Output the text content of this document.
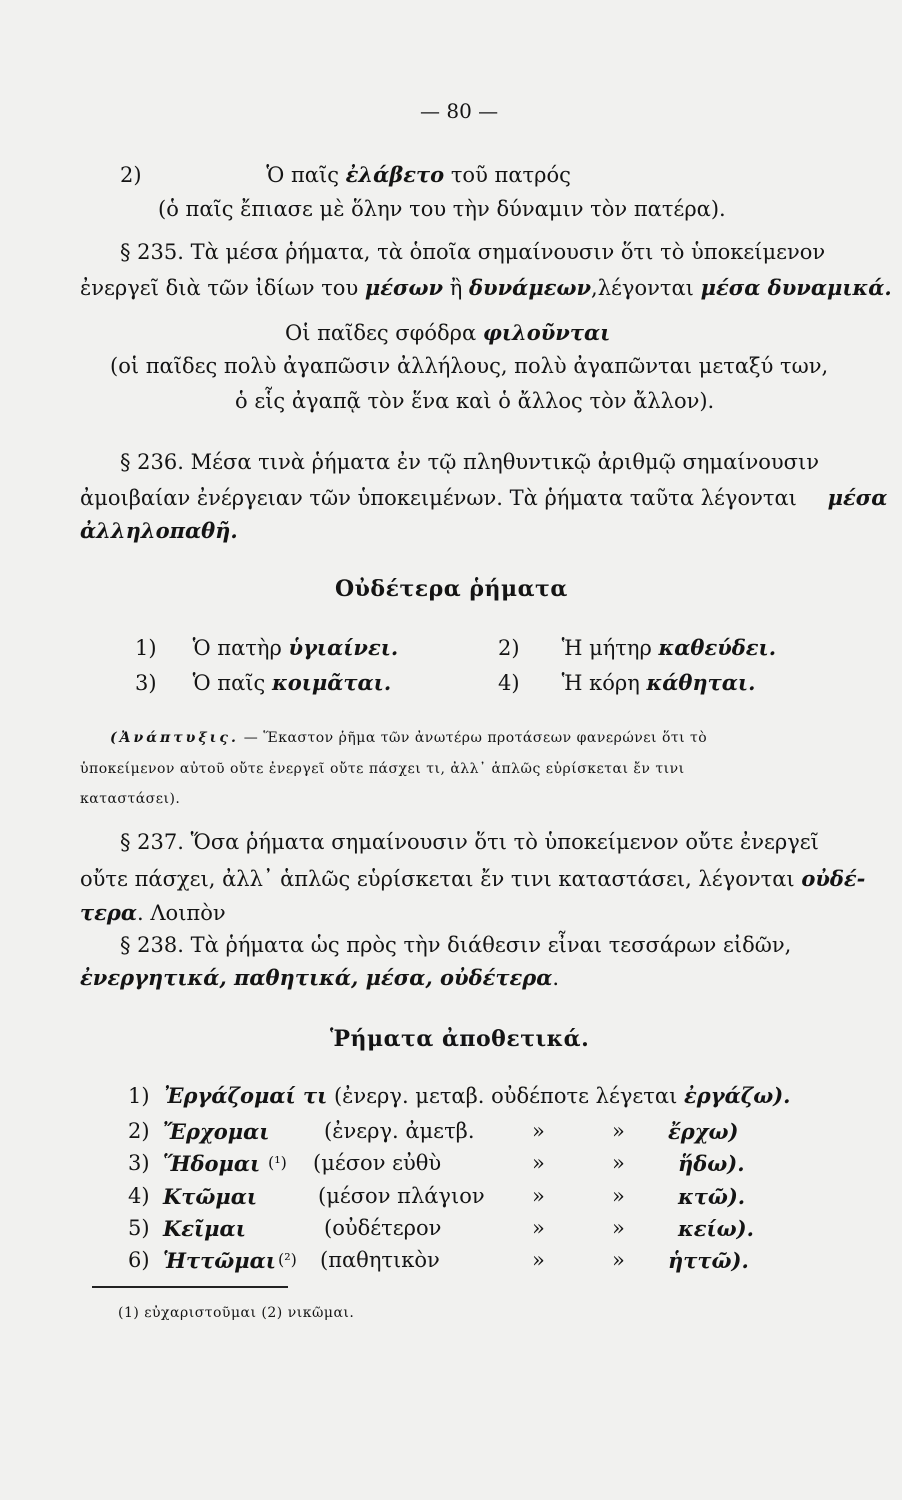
— 80 —
2)	Ὁ παῖς ἐλάβετο τοῦ πατρός
(ὁ παῖς ἔπιασε μὲ ὅλην του τὴν δύναμιν τὸν πατέρα).
§ 235. Τὰ μέσα ῥήματα, τὰ ὁποῖα σημαίνουσιν ὅτι τὸ ὑποκείμενον
ἐνεργεῖ διὰ τῶν ἰδίων του μέσων ἢ δυνάμεων,λέγονται μέσα δυναμικά.
Οἱ παῖδες σφόδρα φιλοῦνται
(οἱ παῖδες πολὺ ἀγαπῶσιν ἀλλήλους, πολὺ ἀγαπῶνται μεταξύ των,
ὁ εἷς ἀγαπᾷ τὸν ἕνα καὶ ὁ ἄλλος τὸν ἄλλον).
§ 236. Μέσα τινὰ ῥήματα ἐν τῷ πληθυντικῷ ἀριθμῷ σημαίνουσιν
ἀμοιβαίαν ἐνέργειαν τῶν ὑποκειμένων. Τὰ ῥήματα ταῦτα λέγονται μέσα
ἀλληλοπαθῆ.
Οὐδέτερα ῥήματα
1) Ὁ πατὴρ ὑγιαίνει.	2) Ἡ μήτηρ καθεύδει.
3) Ὁ παῖς κοιμᾶται.	4) Ἡ κόρη κάθηται.
(Ἀνάπτυξις. — Ἕκαστον ῥῆμα τῶν ἀνωτέρω προτάσεων φανερώνει ὅτι τὸ
ὑποκείμενον αὐτοῦ οὔτε ἐνεργεῖ οὔτε πάσχει τι, ἀλλ᾽ ἁπλῶς εὑρίσκεται ἔν τινι
καταστάσει).
§ 237. Ὅσα ῥήματα σημαίνουσιν ὅτι τὸ ὑποκείμενον οὔτε ἐνεργεῖ
οὔτε πάσχει, ἀλλ᾽ ἁπλῶς εὑρίσκεται ἔν τινι καταστάσει, λέγονται οὐδέ-
τερα. Λοιπὸν
§ 238. Τὰ ῥήματα ὡς πρὸς τὴν διάθεσιν εἶναι τεσσάρων εἰδῶν,
ἐνεργητικά, παθητικά, μέσα, οὐδέτερα.
Ῥήματα ἀποθετικά.
1) Ἐργάζομαί τι (ἐνεργ. μεταβ. οὐδέποτε λέγεται ἐργάζω).
2) Ἔρχομαι	(ἐνεργ. ἀμετβ.	»	» ἔρχω)
3) Ἥδομαι (¹) (μέσον εὐθὺ	»	»	ἥδω).
4) Κτῶμαι	(μέσον πλάγιον »	»	κτῶ).
5) Κεῖμαι	(οὐδέτερον	»	»	κείω).
6) Ἡττῶμαι (²) (παθητικὸν	»	» ἡττῶ).
(1) εὐχαριστοῦμαι (2) νικῶμαι.
